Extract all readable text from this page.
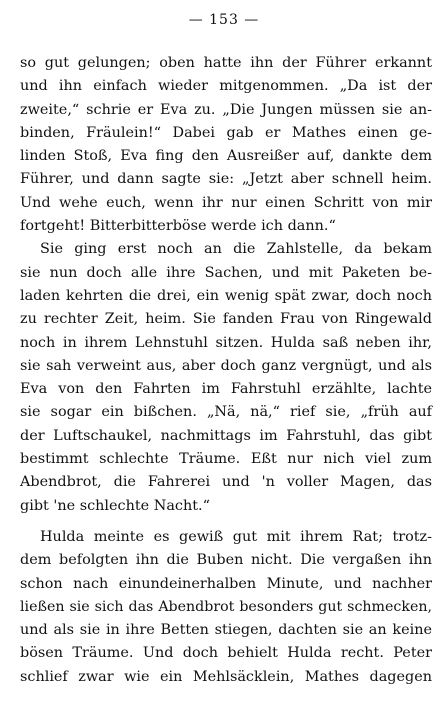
— 153 —
so gut gelungen; oben hatte ihn der Führer erkannt
und ihn einfach wieder mitgenommen. „Da ist der
zweite,“ schrie er Eva zu. „Die Jungen müssen sie an-
binden, Fräulein!“ Dabei gab er Mathes einen ge-
linden Stoß, Eva fing den Ausreißer auf, dankte dem
Führer, und dann sagte sie: „Jetzt aber schnell heim.
Und wehe euch, wenn ihr nur einen Schritt von mir
fortgeht! Bitterbitterböse werde ich dann.“
Sie ging erst noch an die Zahlstelle, da bekam
sie nun doch alle ihre Sachen, und mit Paketen be-
laden kehrten die drei, ein wenig spät zwar, doch noch
zu rechter Zeit, heim. Sie fanden Frau von Ringewald
noch in ihrem Lehnstuhl sitzen. Hulda saß neben ihr,
sie sah verweint aus, aber doch ganz vergnügt, und als
Eva von den Fahrten im Fahrstuhl erzählte, lachte
sie sogar ein bißchen. „Nä, nä,“ rief sie, „früh auf
der Luftschaukel, nachmittags im Fahrstuhl, das gibt
bestimmt schlechte Träume. Eßt nur nich viel zum
Abendbrot, die Fahrerei und 'n voller Magen, das
gibt 'ne schlechte Nacht.“
Hulda meinte es gewiß gut mit ihrem Rat; trotz-
dem befolgten ihn die Buben nicht. Die vergaßen ihn
schon nach einundeinerhalben Minute, und nachher
ließen sie sich das Abendbrot besonders gut schmecken,
und als sie in ihre Betten stiegen, dachten sie an keine
bösen Träume. Und doch behielt Hulda recht. Peter
schlief zwar wie ein Mehlsäcklein, Mathes dagegen
